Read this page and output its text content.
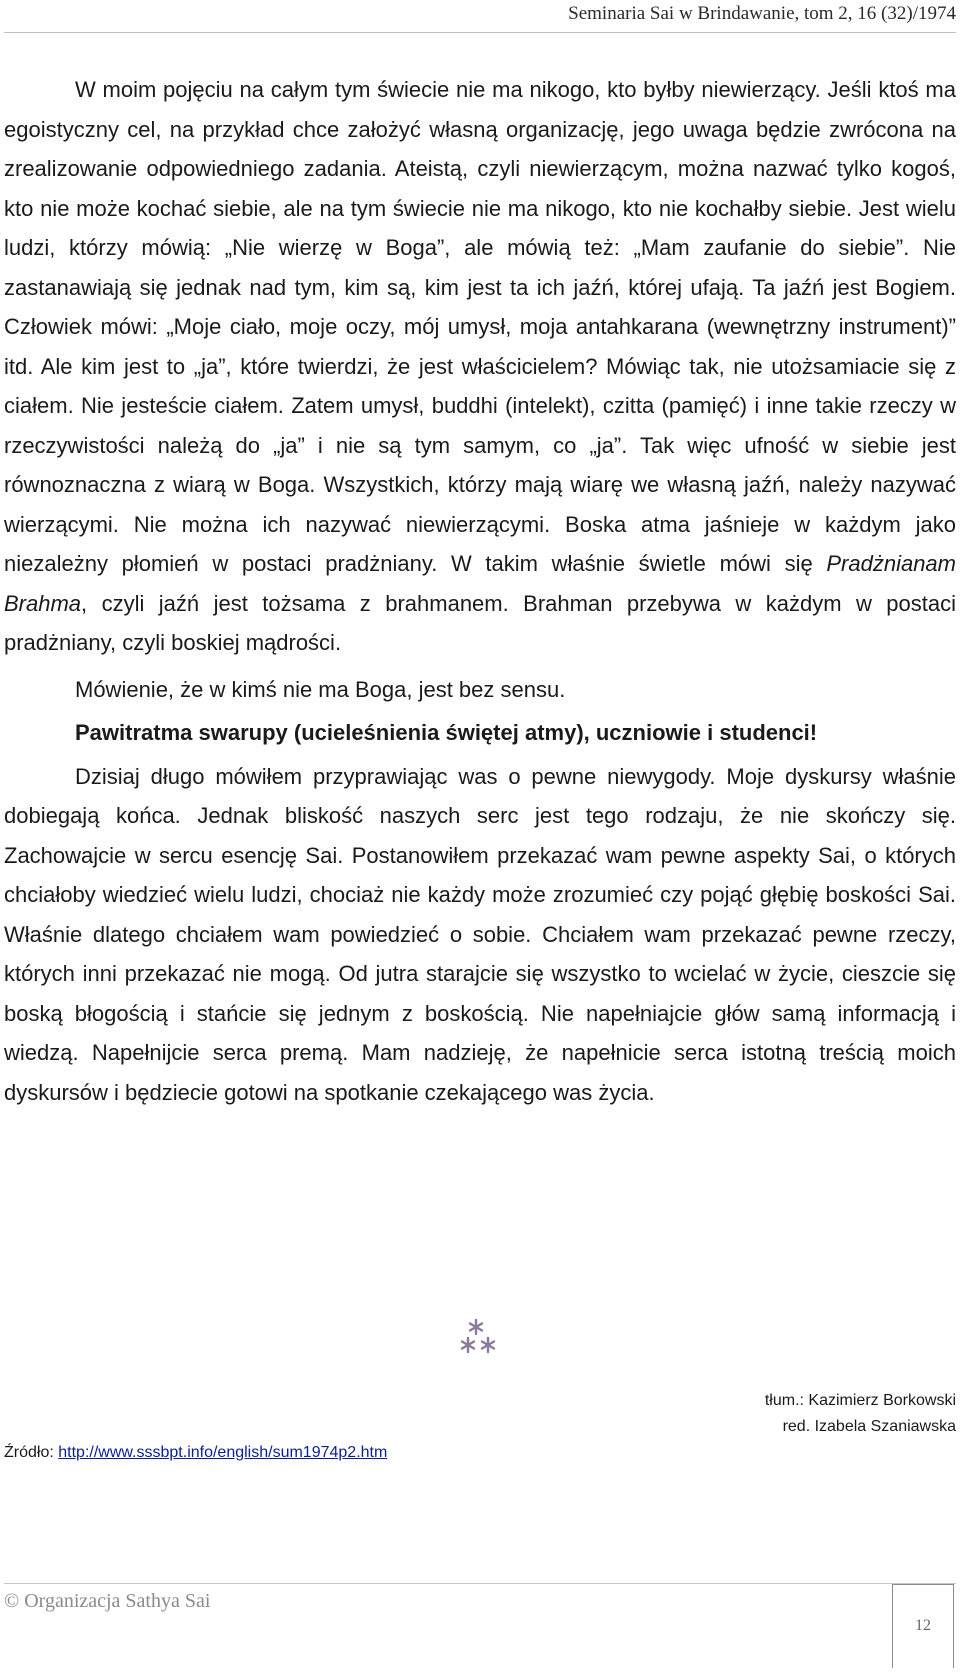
Seminaria Sai w Brindawanie, tom 2, 16 (32)/1974

W moim pojęciu na całym tym świecie nie ma nikogo, kto byłby niewierzący. Jeśli ktoś ma egoistyczny cel, na przykład chce założyć własną organizację, jego uwaga będzie zwrócona na zrealizowanie odpowiedniego zadania. Ateistą, czyli niewierzącym, można nazwać tylko kogoś, kto nie może kochać siebie, ale na tym świecie nie ma nikogo, kto nie kochałby siebie. Jest wielu ludzi, którzy mówią: „Nie wierzę w Boga”, ale mówią też: „Mam zaufanie do siebie”. Nie zastanawiają się jednak nad tym, kim są, kim jest ta ich jaźń, której ufają. Ta jaźń jest Bogiem. Człowiek mówi: „Moje ciało, moje oczy, mój umysł, moja antahkarana (wewnętrzny instrument)” itd. Ale kim jest to „ja”, które twierdzi, że jest właścicielem? Mówiąc tak, nie utożsamiacie się z ciałem. Nie jesteście ciałem. Zatem umysł, buddhi (intelekt), czitta (pamięć) i inne takie rzeczy w rzeczywistości należą do „ja” i nie są tym samym, co „ja”. Tak więc ufność w siebie jest równoznaczna z wiarą w Boga. Wszystkich, którzy mają wiarę we własną jaźń, należy nazywać wierzącymi. Nie można ich nazywać niewierzącymi. Boska atma jaśnieje w każdym jako niezależny płomień w postaci pradżniany. W takim właśnie świetle mówi się Pradżnianam Brahma, czyli jaźń jest tożsama z brahmanem. Brahman przebywa w każdym w postaci pradżniany, czyli boskiej mądrości.

Mówienie, że w kimś nie ma Boga, jest bez sensu.

Pawitratma swarupy (ucieleśnienia świętej atmy), uczniowie i studenci!

Dzisiaj długo mówiłem przyprawiając was o pewne niewygody. Moje dyskursy właśnie dobiegają końca. Jednak bliskość naszych serc jest tego rodzaju, że nie skończy się. Zachowajcie w sercu esencję Sai. Postanowiłem przekazać wam pewne aspekty Sai, o których chciałoby wiedzieć wielu ludzi, chociaż nie każdy może zrozumieć czy pojąć głębię boskości Sai. Właśnie dlatego chciałem wam powiedzieć o sobie. Chciałem wam przekazać pewne rzeczy, których inni przekazać nie mogą. Od jutra starajcie się wszystko to wcielać w życie, cieszcie się boską błogością i stańcie się jednym z boskością. Nie napełniajcie głów samą informacją i wiedzą. Napełnijcie serca premą. Mam nadzieję, że napełnicie serca istotną treścią moich dyskursów i będziecie gotowi na spotkanie czekającego was życia.

tłum.: Kazimierz Borkowski
red. Izabela Szaniawska
Źródło: http://www.sssbpt.info/english/sum1974p2.htm
© Organizacja Sathya Sai
12
